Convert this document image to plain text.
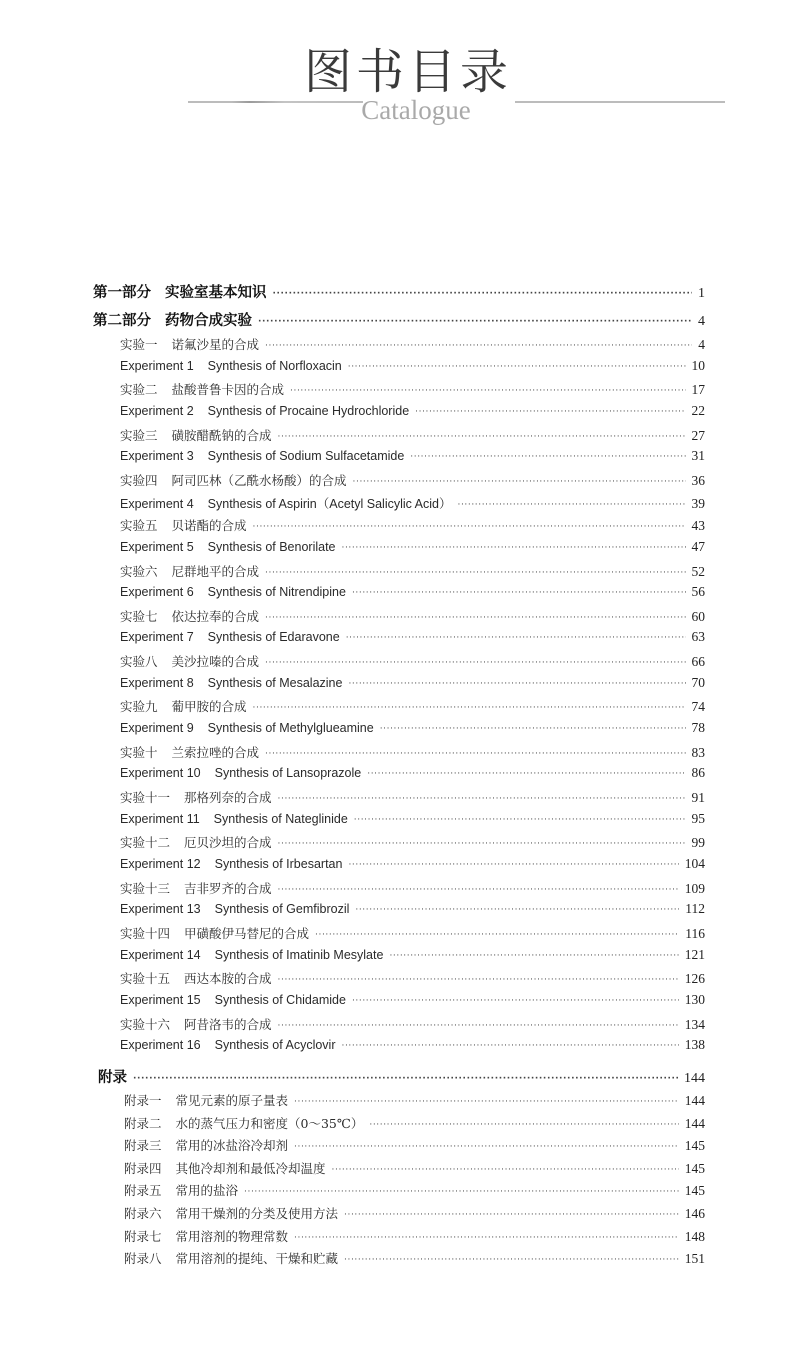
图书目录
Catalogue
第一部分 实验室基本知识 ·····	1
第二部分 药物合成实验 ·····	4
实验一 诺氟沙星的合成 ·····	4
Experiment 1 Synthesis of Norfloxacin ·····	10
实验二 盐酸普鲁卡因的合成 ·····	17
Experiment 2 Synthesis of Procaine Hydrochloride ·····	22
实验三 磺胺醋酰钠的合成 ·····	27
Experiment 3 Synthesis of Sodium Sulfacetamide ·····	31
实验四 阿司匹林（乙酰水杨酸）的合成 ·····	36
Experiment 4 Synthesis of Aspirin（Acetyl Salicylic Acid） ·····	39
实验五 贝诺酯的合成 ·····	43
Experiment 5 Synthesis of Benorilate ·····	47
实验六 尼群地平的合成 ·····	52
Experiment 6 Synthesis of Nitrendipine ·····	56
实验七 依达拉奉的合成 ·····	60
Experiment 7 Synthesis of Edaravone ·····	63
实验八 美沙拉嗪的合成 ·····	66
Experiment 8 Synthesis of Mesalazine ·····	70
实验九 葡甲胺的合成 ·····	74
Experiment 9 Synthesis of Methylglueamine ·····	78
实验十 兰索拉唑的合成 ·····	83
Experiment 10 Synthesis of Lansoprazole ·····	86
实验十一 那格列奈的合成 ·····	91
Experiment 11 Synthesis of Nateglinide ·····	95
实验十二 厄贝沙坦的合成 ·····	99
Experiment 12 Synthesis of Irbesartan ·····	104
实验十三 吉非罗齐的合成 ·····	109
Experiment 13 Synthesis of Gemfibrozil ·····	112
实验十四 甲磺酸伊马替尼的合成 ·····	116
Experiment 14 Synthesis of Imatinib Mesylate ·····	121
实验十五 西达本胺的合成 ·····	126
Experiment 15 Synthesis of Chidamide ·····	130
实验十六 阿昔洛韦的合成 ·····	134
Experiment 16 Synthesis of Acyclovir ·····	138
附录 ·····	144
附录一 常见元素的原子量表 ·····	144
附录二 水的蒸气压力和密度（0～35℃） ·····	144
附录三 常用的冰盐浴冷却剂 ·····	145
附录四 其他冷却剂和最低冷却温度 ·····	145
附录五 常用的盐浴 ·····	145
附录六 常用干燥剂的分类及使用方法 ·····	146
附录七 常用溶剂的物理常数 ·····	148
附录八 常用溶剂的提纯、干燥和贮藏 ·····	151
